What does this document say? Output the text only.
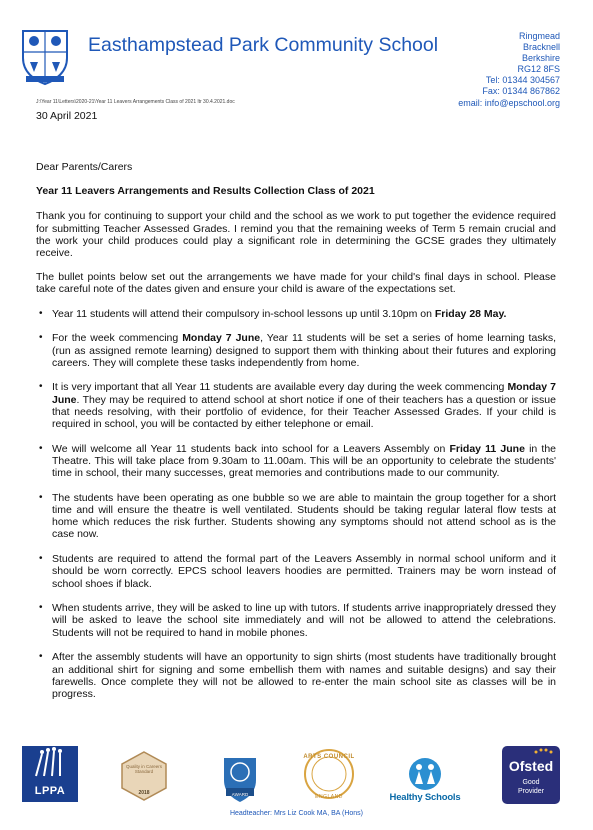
Easthampstead Park Community School	Ringmead
Bracknell
Berkshire
RG12 8FS
Tel: 01344 304567
Fax: 01344 867862
email: info@epschool.org
J:\Year 11\Letters\2020-21\Year 11 Leavers Arrangements Class of 2021 ltr 30.4.2021.doc
30 April 2021

Dear Parents/Carers

Year 11 Leavers Arrangements and Results Collection Class of 2021

Thank you for continuing to support your child and the school as we work to put together the evidence required for submitting Teacher Assessed Grades. I remind you that the remaining weeks of Term 5 remain crucial and the work your child produces could play a significant role in determining the GCSE grades they ultimately receive.

The bullet points below set out the arrangements we have made for your child's final days in school. Please take careful note of the dates given and ensure your child is aware of the expectations set.

• Year 11 students will attend their compulsory in-school lessons up until 3.10pm on Friday 28 May.
• For the week commencing Monday 7 June, Year 11 students will be set a series of home learning tasks, (run as assigned remote learning) designed to support them with thinking about their futures and exploring careers. They will complete these tasks independently from home.
• It is very important that all Year 11 students are available every day during the week commencing Monday 7 June. They may be required to attend school at short notice if one of their teachers has a question or issue that needs resolving, with their portfolio of evidence, for their Teacher Assessed Grades. If your child is required in school, you will be contacted by either telephone or email.
• We will welcome all Year 11 students back into school for a Leavers Assembly on Friday 11 June in the Theatre. This will take place from 9.30am to 11.00am. This will be an opportunity to celebrate the students' time in school, their many successes, great memories and contributions made to our community.
• The students have been operating as one bubble so we are able to maintain the group together for a short time and will ensure the theatre is well ventilated. Students should be taking regular lateral flow tests at home which reduces the risk further. Students showing any symptoms should not attend school as is the case now.
• Students are required to attend the formal part of the Leavers Assembly in normal school uniform and it should be worn correctly. EPCS school leavers hoodies are permitted. Trainers may be worn instead of school shoes if black.
• When students arrive, they will be asked to line up with tutors. If students arrive inappropriately dressed they will be asked to leave the school site immediately and will not be allowed to attend the celebrations. Students will not be required to hand in mobile phones.
• After the assembly students will have an opportunity to sign shirts (most students have traditionally brought an additional shirt for signing and some embellish them with names and suitable designs) and say their farewells. Once complete they will not be allowed to re-enter the main school site as classes will be in progress.
LPPA
Quality in Careers Standard
2018	AWARD
ARTS COUNCIL
ENGLAND	Healthy Schools
Ofsted
Good
Provider
Headteacher: Mrs Liz Cook MA, BA (Hons)
